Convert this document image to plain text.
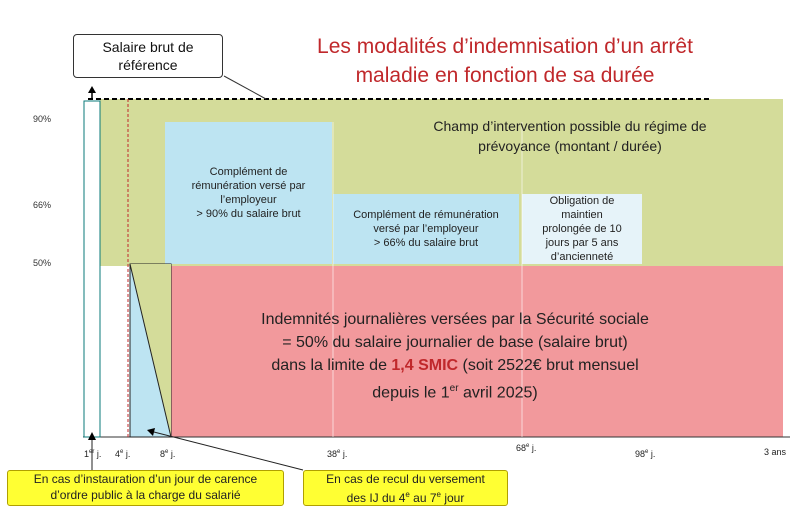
Les modalités d’indemnisation d’un arrêt
maladie en fonction de sa durée
Complément de
rémunération versé par
l’employeur
> 90% du salaire brut	Complément de rémunération
versé par l’employeur
> 66% du salaire brut
Obligation de
maintien
prolongée de 10
jours par 5 ans
d’ancienneté
Salaire brut de
référence
90%
66%
50%
Champ d’intervention possible du régime de
prévoyance (montant / durée)
Indemnités journalières versées par la Sécurité sociale
= 50% du salaire journalier de base (salaire brut)
dans la limite de 1,4 SMIC (soit 2522€ brut mensuel
depuis le 1er avril 2025)
1er j. 4e j.	8e j.	38e j.
68e j.
98e j.	3 ans
En cas d’instauration d’un jour de carence
d’ordre public à la charge du salarié
En cas de recul du versement
des IJ du 4e au 7e jour
